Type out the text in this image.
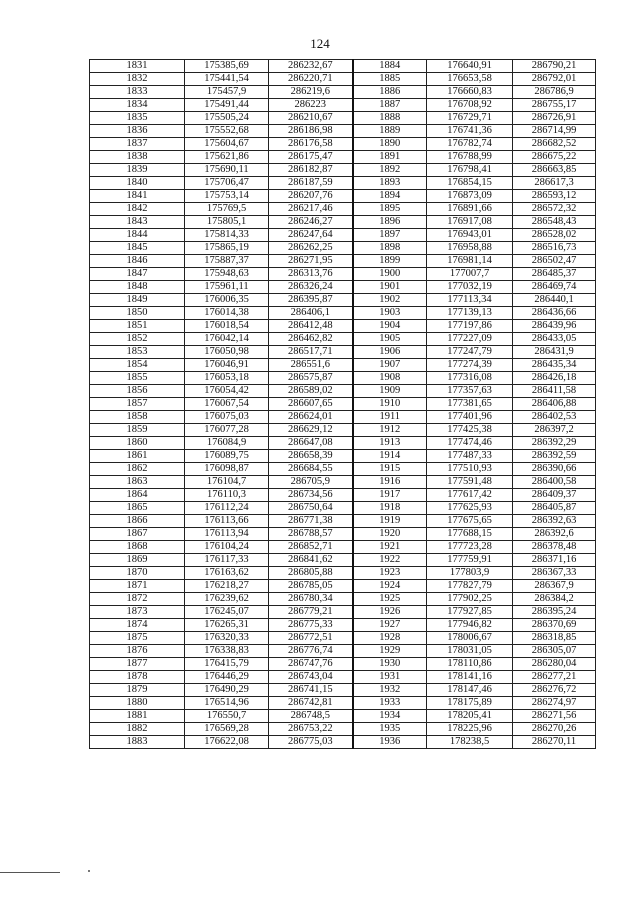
124
1831	175385,69	286232,67	1884	176640,91	286790,21
1832	175441,54	286220,71	1885	176653,58	286792,01
1833	175457,9	286219,6	1886	176660,83	286786,9
1834	175491,44	286223	1887	176708,92	286755,17
1835	175505,24	286210,67	1888	176729,71	286726,91
1836	175552,68	286186,98	1889	176741,36	286714,99
1837	175604,67	286176,58	1890	176782,74	286682,52
1838	175621,86	286175,47	1891	176788,99	286675,22
1839	175690,11	286182,87	1892	176798,41	286663,85
1840	175706,47	286187,59	1893	176854,15	286617,3
1841	175753,14	286207,76	1894	176873,09	286593,12
1842	175769,5	286217,46	1895	176891,66	286572,32
1843	175805,1	286246,27	1896	176917,08	286548,43
1844	175814,33	286247,64	1897	176943,01	286528,02
1845	175865,19	286262,25	1898	176958,88	286516,73
1846	175887,37	286271,95	1899	176981,14	286502,47
1847	175948,63	286313,76	1900	177007,7	286485,37
1848	175961,11	286326,24	1901	177032,19	286469,74
1849	176006,35	286395,87	1902	177113,34	286440,1
1850	176014,38	286406,1	1903	177139,13	286436,66
1851	176018,54	286412,48	1904	177197,86	286439,96
1852	176042,14	286462,82	1905	177227,09	286433,05
1853	176050,98	286517,71	1906	177247,79	286431,9
1854	176046,91	286551,6	1907	177274,39	286435,34
1855	176053,18	286575,87	1908	177316,08	286426,18
1856	176054,42	286589,02	1909	177357,63	286411,58
1857	176067,54	286607,65	1910	177381,65	286406,88
1858	176075,03	286624,01	1911	177401,96	286402,53
1859	176077,28	286629,12	1912	177425,38	286397,2
1860	176084,9	286647,08	1913	177474,46	286392,29
1861	176089,75	286658,39	1914	177487,33	286392,59
1862	176098,87	286684,55	1915	177510,93	286390,66
1863	176104,7	286705,9	1916	177591,48	286400,58
1864	176110,3	286734,56	1917	177617,42	286409,37
1865	176112,24	286750,64	1918	177625,93	286405,87
1866	176113,66	286771,38	1919	177675,65	286392,63
1867	176113,94	286788,57	1920	177688,15	286392,6
1868	176104,24	286852,71	1921	177723,28	286378,48
1869	176117,33	286841,62	1922	177759,91	286371,16
1870	176163,62	286805,88	1923	177803,9	286367,33
1871	176218,27	286785,05	1924	177827,79	286367,9
1872	176239,62	286780,34	1925	177902,25	286384,2
1873	176245,07	286779,21	1926	177927,85	286395,24
1874	176265,31	286775,33	1927	177946,82	286370,69
1875	176320,33	286772,51	1928	178006,67	286318,85
1876	176338,83	286776,74	1929	178031,05	286305,07
1877	176415,79	286747,76	1930	178110,86	286280,04
1878	176446,29	286743,04	1931	178141,16	286277,21
1879	176490,29	286741,15	1932	178147,46	286276,72
1880	176514,96	286742,81	1933	178175,89	286274,97
1881	176550,7	286748,5	1934	178205,41	286271,56
1882	176569,28	286753,22	1935	178225,96	286270,26
1883	176622,08	286775,03	1936	178238,5	286270,11
